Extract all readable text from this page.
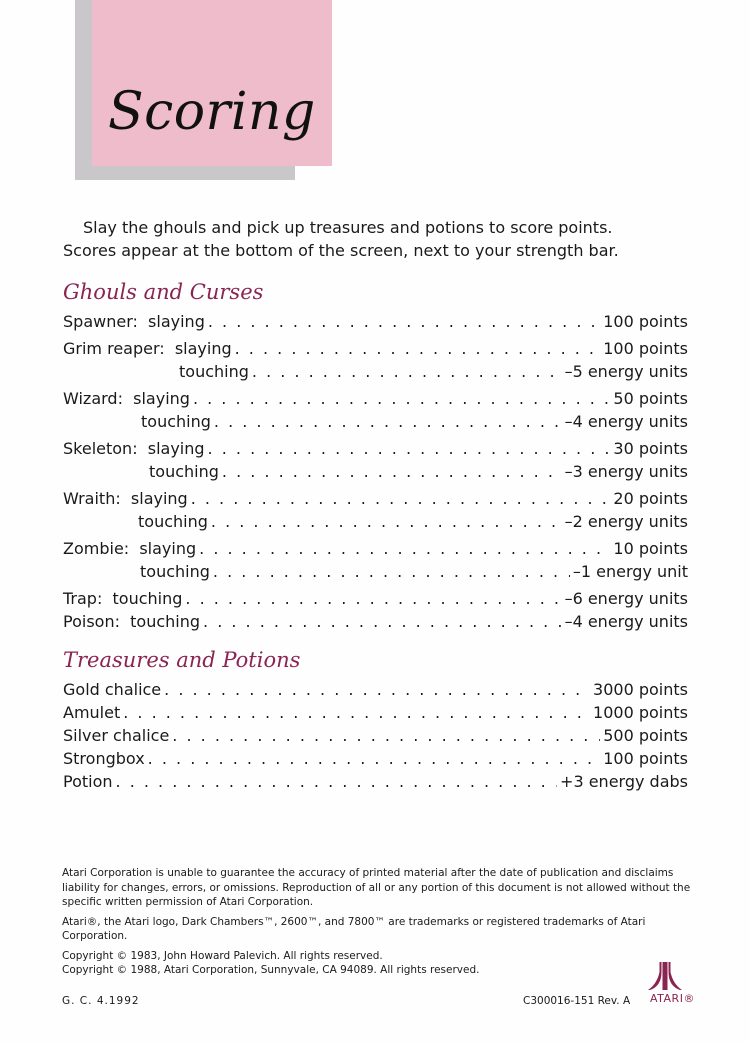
Scoring

Slay the ghouls and pick up treasures and potions to score points.

Scores appear at the bottom of the screen, next to your strength bar.

Ghouls and Curses
Spawner:  slaying . . .	100 points
Grim reaper:  slaying . . .	100 points
touching . . .	–5 energy units
Wizard:  slaying . . .	50 points
touching . . .	–4 energy units
Skeleton:  slaying . . .	30 points
touching . . .	–3 energy units
Wraith:  slaying . . .	20 points
touching . . .	–2 energy units
Zombie:  slaying . . .	10 points
touching . . .	–1 energy unit
Trap:  touching . . .	–6 energy units
Poison:  touching . . .	–4 energy units
Treasures and Potions
Gold chalice . . .	3000 points
Amulet . . .	1000 points
Silver chalice . . .	500 points
Strongbox . . .	100 points
Potion . . .	+3 energy dabs

Atari Corporation is unable to guarantee the accuracy of printed material after the date of publication and disclaims liability for changes, errors, or omissions. Reproduction of all or any portion of this document is not allowed without the specific written permission of Atari Corporation.

Atari®, the Atari logo, Dark Chambers™, 2600™, and 7800™ are trademarks or registered trademarks of Atari Corporation.

Copyright © 1983, John Howard Palevich. All rights reserved.

Copyright © 1988, Atari Corporation, Sunnyvale, CA 94089. All rights reserved.

ATARI®
G. C. 4.1992	C300016-151 Rev. A
